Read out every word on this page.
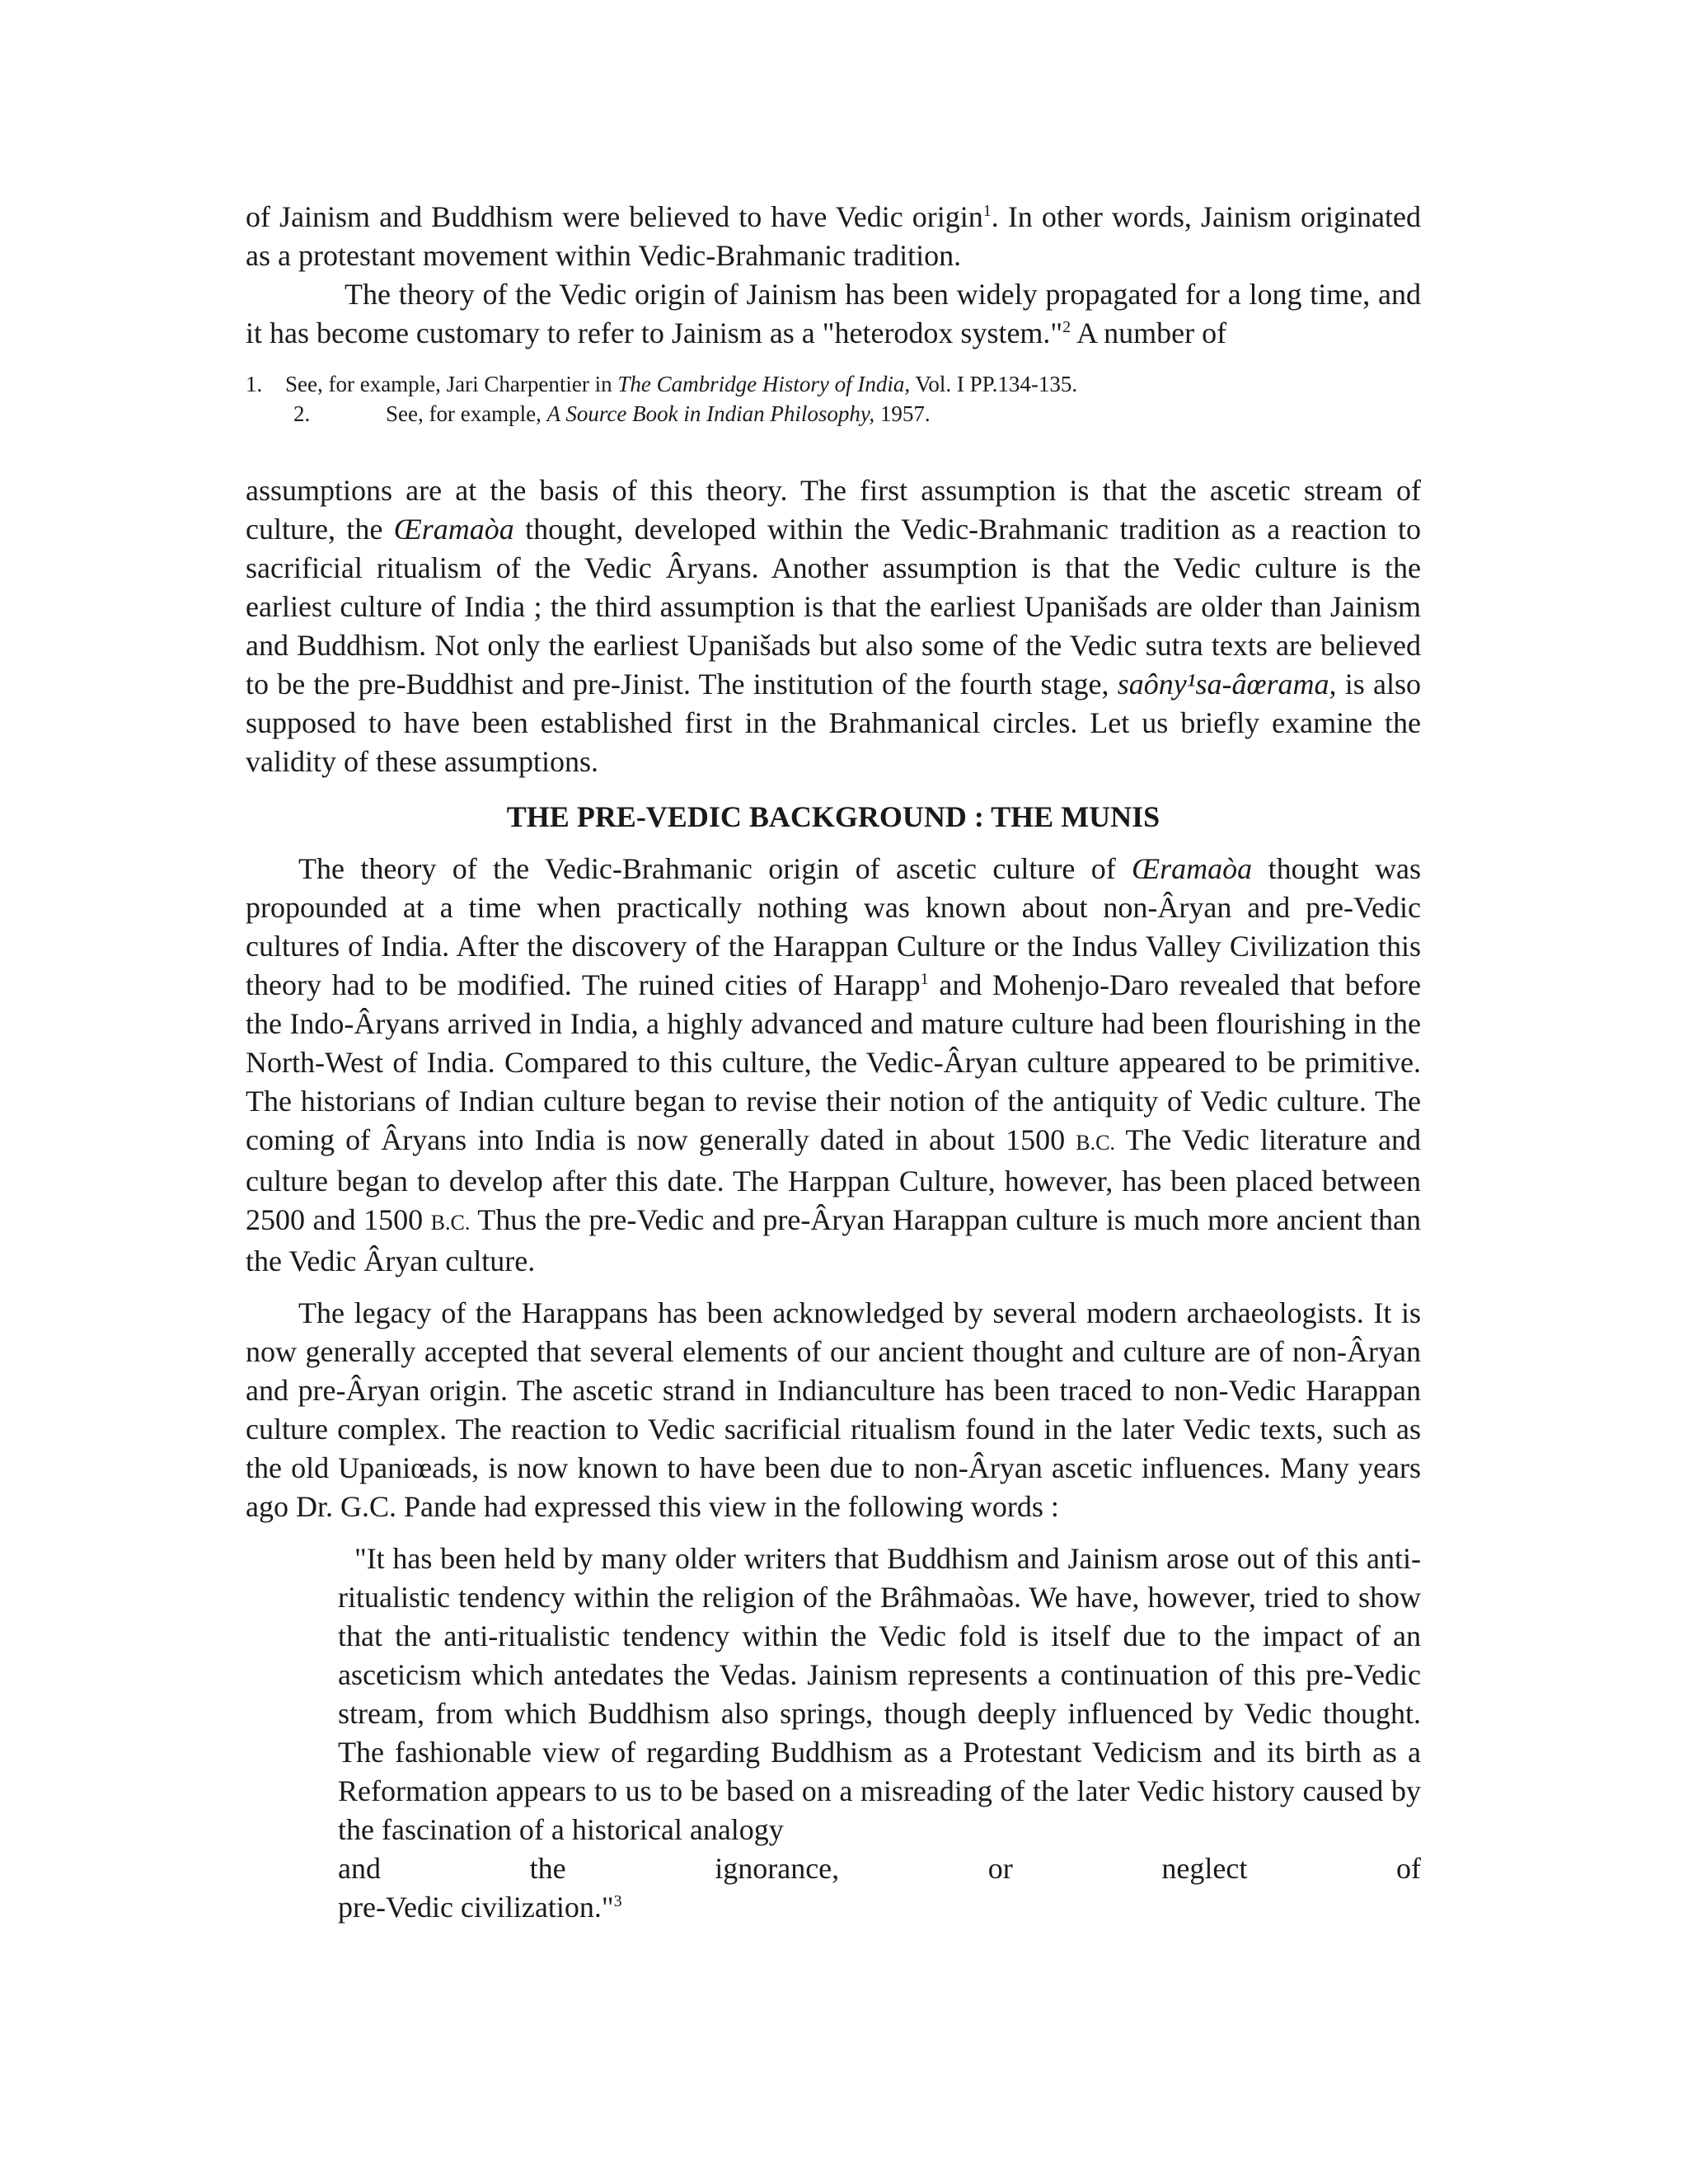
of Jainism and Buddhism were believed to have Vedic origin$^1$. In other words, Jainism originated as a protestant movement within Vedic-Brahmanic tradition.

The theory of the Vedic origin of Jainism has been widely propagated for a long time, and it has become customary to refer to Jainism as a "heterodox system."$^2$ A number of

1. See, for example, Jari Charpentier in The Cambridge History of India, Vol. I PP.134-135.
2.	See, for example, A Source Book in Indian Philosophy, 1957.

assumptions are at the basis of this theory. The first assumption is that the ascetic stream of culture, the Œramaòa thought, developed within the Vedic-Brahmanic tradition as a reaction to sacrificial ritualism of the Vedic Âryans. Another assumption is that the Vedic culture is the earliest culture of India ; the third assumption is that the earliest Upanišads are older than Jainism and Buddhism. Not only the earliest Upanišads but also some of the Vedic sutra texts are believed to be the pre-Buddhist and pre-Jinist. The institution of the fourth stage, saôny¹sa-âœrama, is also supposed to have been established first in the Brahmanical circles. Let us briefly examine the validity of these assumptions.

THE PRE-VEDIC BACKGROUND : THE MUNIS

The theory of the Vedic-Brahmanic origin of ascetic culture of Œramaòa thought was propounded at a time when practically nothing was known about non-Âryan and pre-Vedic cultures of India. After the discovery of the Harappan Culture or the Indus Valley Civilization this theory had to be modified. The ruined cities of Harapp$^1$ and Mohenjo-Daro revealed that before the Indo-Âryans arrived in India, a highly advanced and mature culture had been flourishing in the North-West of India. Compared to this culture, the Vedic-Âryan culture appeared to be primitive. The historians of Indian culture began to revise their notion of the antiquity of Vedic culture. The coming of Âryans into India is now generally dated in about 1500 B.C. The Vedic literature and culture began to develop after this date. The Harppan Culture, however, has been placed between 2500 and 1500 B.C. Thus the pre-Vedic and pre-Âryan Harappan culture is much more ancient than the Vedic Âryan culture.

The legacy of the Harappans has been acknowledged by several modern archaeologists. It is now generally accepted that several elements of our ancient thought and culture are of non-Âryan and pre-Âryan origin. The ascetic strand in Indianculture has been traced to non-Vedic Harappan culture complex. The reaction to Vedic sacrificial ritualism found in the later Vedic texts, such as the old Upaniœads, is now known to have been due to non-Âryan ascetic influences. Many years ago Dr. G.C. Pande had expressed this view in the following words :

"It has been held by many older writers that Buddhism and Jainism arose out of this anti-ritualistic tendency within the religion of the Brâhmaòas. We have, however, tried to show that the anti-ritualistic tendency within the Vedic fold is itself due to the impact of an asceticism which antedates the Vedas. Jainism represents a continuation of this pre-Vedic stream, from which Buddhism also springs, though deeply influenced by Vedic thought. The fashionable view of regarding Buddhism as a Protestant Vedicism and its birth as a Reformation appears to us to be based on a misreading of the later Vedic history caused by the fascination of a historical analogy

and	the	ignorance,	or	neglect	of

pre-Vedic civilization."$^3$
